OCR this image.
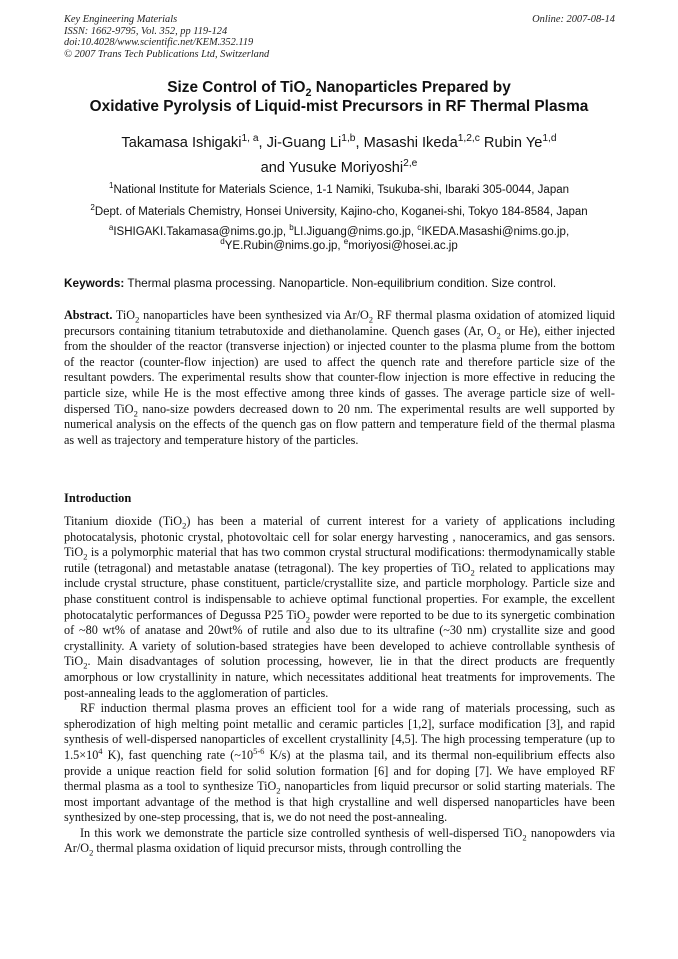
Key Engineering Materials
ISSN: 1662-9795, Vol. 352, pp 119-124
doi:10.4028/www.scientific.net/KEM.352.119
© 2007 Trans Tech Publications Ltd, Switzerland
Online: 2007-08-14
Size Control of TiO$_2$ Nanoparticles Prepared by
Oxidative Pyrolysis of Liquid-mist Precursors in RF Thermal Plasma
Takamasa Ishigaki$^{1, a}$, Ji-Guang Li$^{1,b}$, Masashi Ikeda$^{1,2,c}$ Rubin Ye$^{1,d}$
and Yusuke Moriyoshi$^{2,e}$
$^1$National Institute for Materials Science, 1-1 Namiki, Tsukuba-shi, Ibaraki 305-0044, Japan
$^2$Dept. of Materials Chemistry, Honsei University, Kajino-cho, Koganei-shi, Tokyo 184-8584, Japan
$^a$ISHIGAKI.Takamasa@nims.go.jp, $^b$LI.Jiguang@nims.go.jp, $^c$IKEDA.Masashi@nims.go.jp,
$^d$YE.Rubin@nims.go.jp, $^e$moriyosi@hosei.ac.jp
Keywords: Thermal plasma processing. Nanoparticle. Non-equilibrium condition. Size control.

Abstract. TiO$_2$ nanoparticles have been synthesized via $Ar/O_2$ RF thermal plasma oxidation of atomized liquid precursors containing titanium tetrabutoxide and diethanolamine. Quench gases (Ar, $O_2$ or He), either injected from the shoulder of the reactor (transverse injection) or injected counter to the plasma plume from the bottom of the reactor (counter-flow injection) are used to affect the quench rate and therefore particle size of the resultant powders. The experimental results show that counter-flow injection is more effective in reducing the particle size, while He is the most effective among three kinds of gasses. The average particle size of well-dispersed TiO$_2$ nano-size powders decreased down to 20 nm. The experimental results are well supported by numerical analysis on the effects of the quench gas on flow pattern and temperature field of the thermal plasma as well as trajectory and temperature history of the particles.

Introduction

Titanium dioxide (TiO$_2$) has been a material of current interest for a variety of applications including photocatalysis, photonic crystal, photovoltaic cell for solar energy harvesting , nanoceramics, and gas sensors. TiO$_2$ is a polymorphic material that has two common crystal structural modifications: thermodynamically stable rutile (tetragonal) and metastable anatase (tetragonal). The key properties of TiO$_2$ related to applications may include crystal structure, phase constituent, particle/crystallite size, and particle morphology. Particle size and phase constituent control is indispensable to achieve optimal functional properties. For example, the excellent photocatalytic performances of Degussa P25 TiO$_2$ powder were reported to be due to its synergetic combination of ~80 wt% of anatase and 20wt% of rutile and also due to its ultrafine (~30 nm) crystallite size and good crystallinity. A variety of solution-based strategies have been developed to achieve controllable synthesis of TiO$_2$. Main disadvantages of solution processing, however, lie in that the direct products are frequently amorphous or low crystallinity in nature, which necessitates additional heat treatments for improvements. The post-annealing leads to the agglomeration of particles.

RF induction thermal plasma proves an efficient tool for a wide rang of materials processing, such as spherodization of high melting point metallic and ceramic particles [1,2], surface modification [3], and rapid synthesis of well-dispersed nanoparticles of excellent crystallinity [4,5]. The high processing temperature (up to $1.5\times 10^4$ K), fast quenching rate (~10$^{5-6}$ K/s) at the plasma tail, and its thermal non-equilibrium effects also provide a unique reaction field for solid solution formation [6] and for doping [7]. We have employed RF thermal plasma as a tool to synthesize TiO$_2$ nanoparticles from liquid precursor or solid starting materials. The most important advantage of the method is that high crystalline and well dispersed nanoparticles have been synthesized by one-step processing, that is, we do not need the post-annealing.

In this work we demonstrate the particle size controlled synthesis of well-dispersed TiO$_2$ nanopowders via $Ar/O_2$ thermal plasma oxidation of liquid precursor mists, through controlling the
